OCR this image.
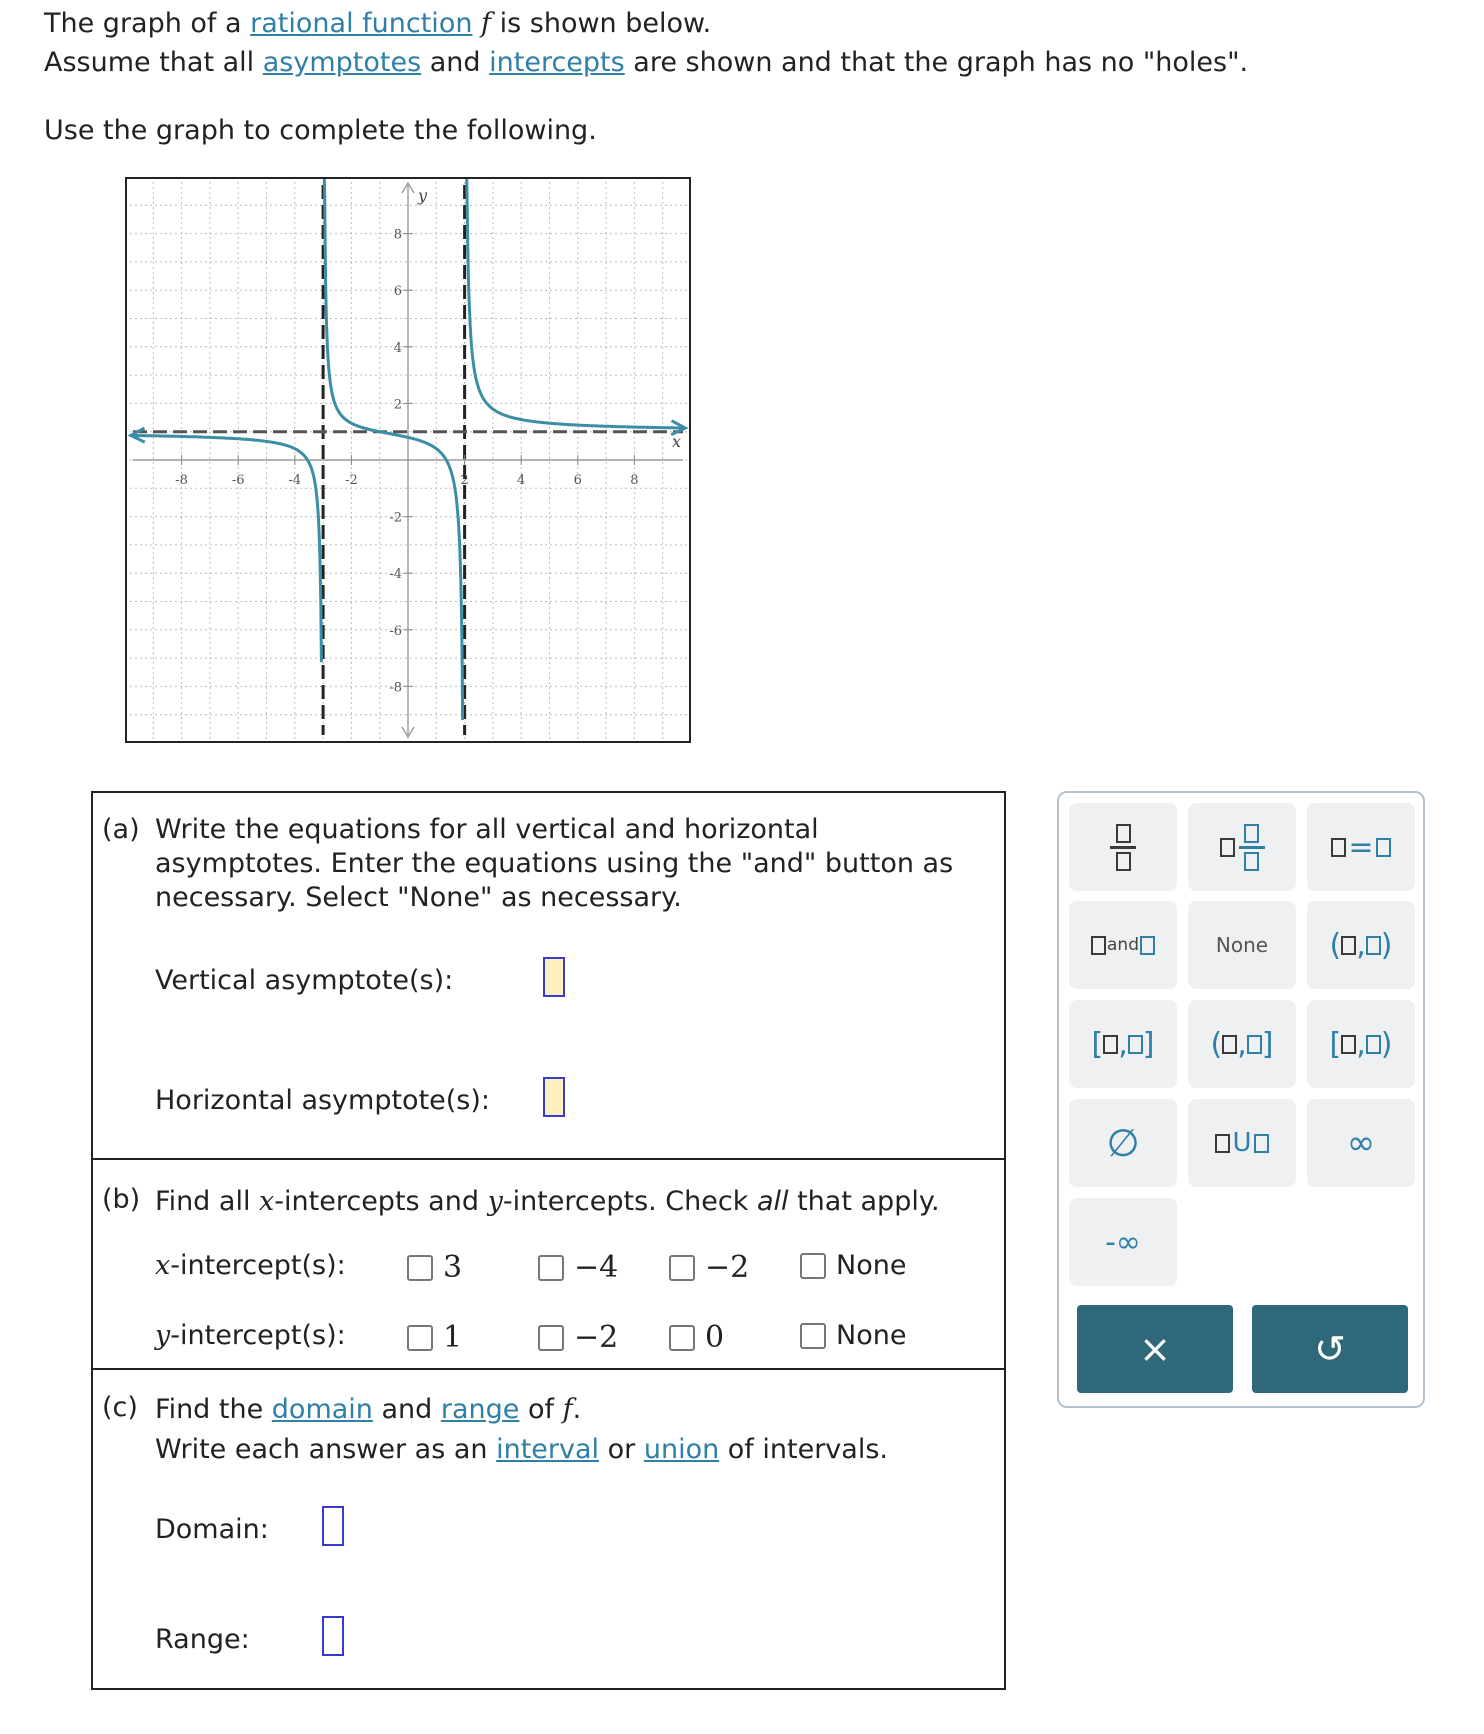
The graph of a rational function f is shown below.
Assume that all asymptotes and intercepts are shown and that the graph has no "holes".
Use the graph to complete the following.
-8	-6	-4	-2	2	4	6	8
8
6
4
2
-2
-4
-6
-8
x
y
(a) Write the equations for all vertical and horizontal
asymptotes. Enter the equations using the "and" button as
necessary. Select "None" as necessary.
Vertical asymptote(s):
Horizontal asymptote(s):
(b) Find all x-intercepts and y-intercepts. Check all that apply.
x-intercept(s):	3	−4	−2	None
y-intercept(s):	1	−2	0	None
(c) Find the domain and range of f.
Write each answer as an interval or union of intervals.
Domain:
Range:
=
and	None	( , )
[ , ] ( , ] [ , )
∅	U	∞
-∞
×	↺
